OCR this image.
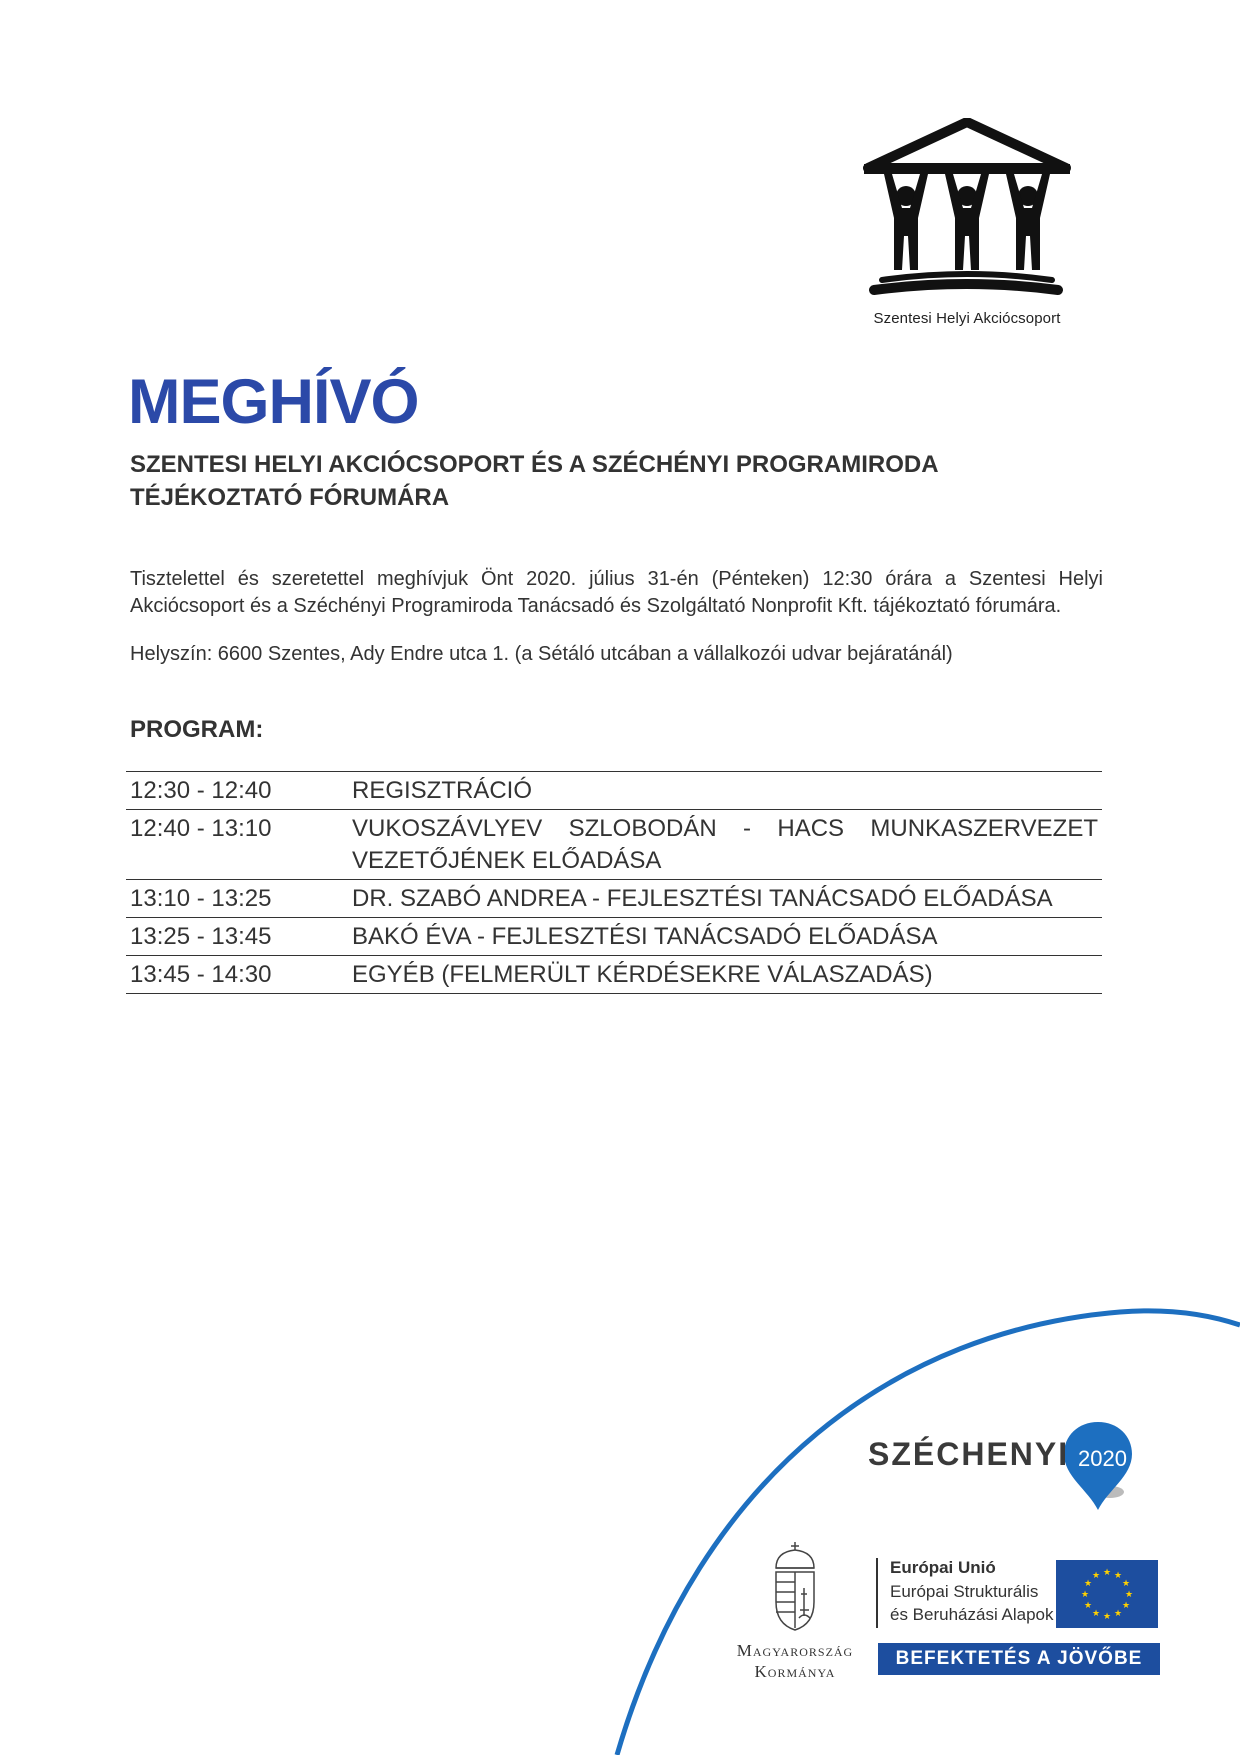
Szentesi Helyi Akciócsoport
MEGHÍVÓ
SZENTESI HELYI AKCIÓCSOPORT ÉS A SZÉCHÉNYI PROGRAMIRODA
TÉJÉKOZTATÓ FÓRUMÁRA

Tisztelettel és szeretettel meghívjuk Önt 2020. július 31-én (Pénteken) 12:30 órára a Szentesi Helyi
Akciócsoport és a Széchényi Programiroda Tanácsadó és Szolgáltató Nonprofit Kft. tájékoztató fórumára.

Helyszín: 6600 Szentes, Ady Endre utca 1. (a Sétáló utcában a vállalkozói udvar bejáratánál)

PROGRAM:
12:30 - 12:40	REGISZTRÁCIÓ
12:40 - 13:10	VUKOSZÁVLYEV SZLOBODÁN - HACS MUNKASZERVEZET
VEZETŐJÉNEK ELŐADÁSA
13:10 - 13:25	DR. SZABÓ ANDREA - FEJLESZTÉSI TANÁCSADÓ ELŐADÁSA
13:25 - 13:45	BAKÓ ÉVA - FEJLESZTÉSI TANÁCSADÓ ELŐADÁSA
13:45 - 14:30	EGYÉB (FELMERÜLT KÉRDÉSEKRE VÁLASZADÁS)
SZÉCHENYI 2020
Magyarország
Kormánya
Európai Unió
Európai Strukturális
és Beruházási Alapok
★ ★
★
★
★
★
★
★
★
★
★
★
BEFEKTETÉS A JÖVŐBE
